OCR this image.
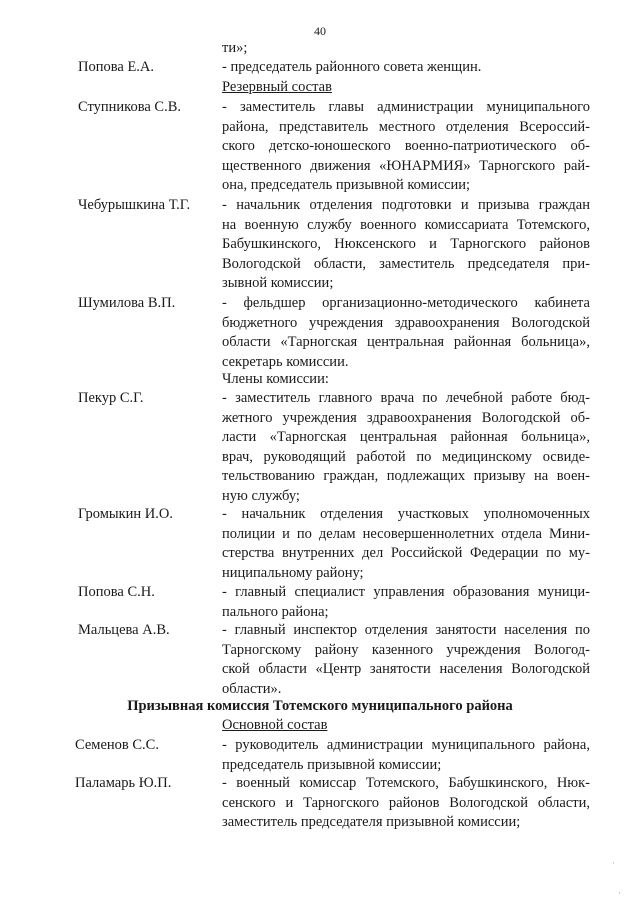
40
ти»;
Попова Е.А.	- председатель районного совета женщин.
Резервный состав
Ступникова С.В.	- заместитель главы администрации муниципального
района, представитель местного отделения Всероссий-
ского детско-юношеского военно-патриотического об-
щественного движения «ЮНАРМИЯ» Тарногского рай-
она, председатель призывной комиссии;
Чебурышкина Т.Г. - начальник отделения подготовки и призыва граждан
на военную службу военного комиссариата Тотемского,
Бабушкинского, Нюксенского и Тарногского районов
Вологодской области, заместитель председателя при-
зывной комиссии;
Шумилова В.П.	- фельдшер организационно-методического кабинета
бюджетного учреждения здравоохранения Вологодской
области «Тарногская центральная районная больница»,
секретарь комиссии.
Члены комиссии:
Пекур С.Г.	- заместитель главного врача по лечебной работе бюд-
жетного учреждения здравоохранения Вологодской об-
ласти «Тарногская центральная районная больница»,
врач, руководящий работой по медицинскому освиде-
тельствованию граждан, подлежащих призыву на воен-
ную службу;
Громыкин И.О.	- начальник отделения участковых уполномоченных
полиции и по делам несовершеннолетних отдела Мини-
стерства внутренних дел Российской Федерации по му-
ниципальному району;
Попова С.Н.	- главный специалист управления образования муници-
пального района;
Мальцева А.В.	- главный инспектор отделения занятости населения по
Тарногскому району казенного учреждения Вологод-
ской области «Центр занятости населения Вологодской
области».
Призывная комиссия Тотемского муниципального района
Основной состав
Семенов С.С.	- руководитель администрации муниципального района,
председатель призывной комиссии;
Паламарь Ю.П.	- военный комиссар Тотемского, Бабушкинского, Нюк-
сенского и Тарногского районов Вологодской области,
заместитель председателя призывной комиссии;
·
·
